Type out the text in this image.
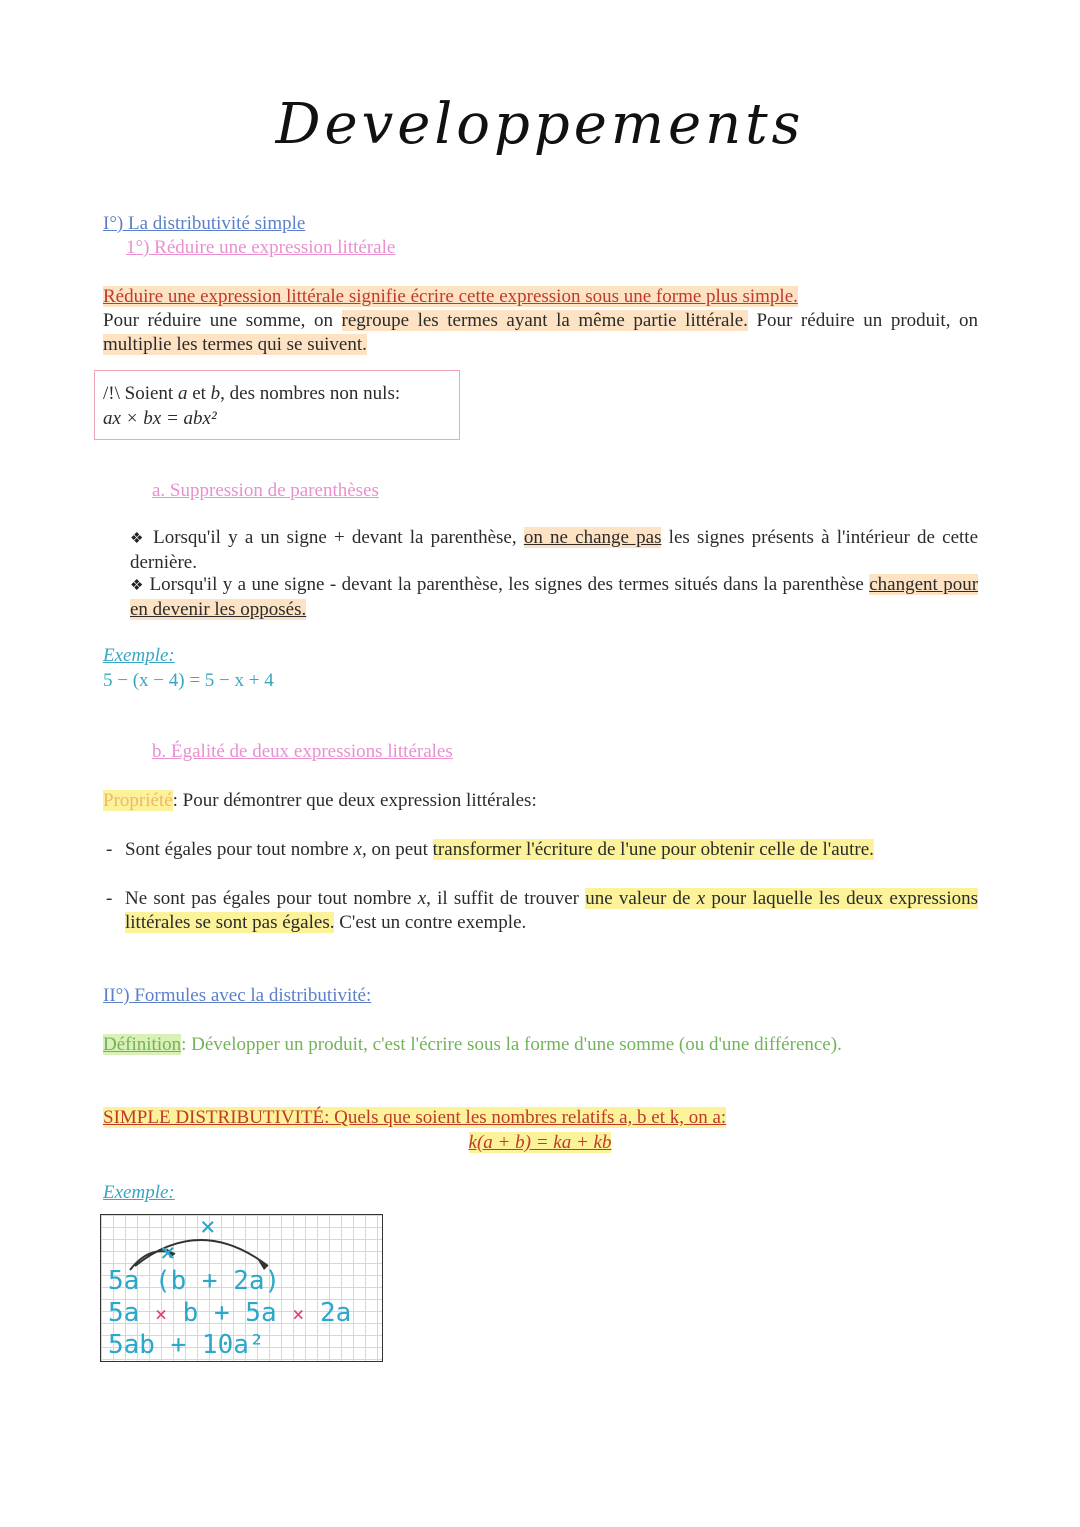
Developpements
I°) La distributivité simple
1°) Réduire une expression littérale
Réduire une expression littérale signifie écrire cette expression sous une forme plus simple.
Pour réduire une somme, on regroupe les termes ayant la même partie littérale. Pour réduire un produit, on multiplie les termes qui se suivent.
/!\ Soient a et b, des nombres non nuls:
ax × bx = abx²
a. Suppression de parenthèses
❖ Lorsqu'il y a un signe + devant la parenthèse, on ne change pas les signes présents à l'intérieur de cette dernière.
❖ Lorsqu'il y a une signe - devant la parenthèse, les signes des termes situés dans la parenthèse changent pour en devenir les opposés.
Exemple:
5 − (x − 4) = 5 − x + 4
b. Égalité de deux expressions littérales
Propriété: Pour démontrer que deux expression littérales:
- Sont égales pour tout nombre x, on peut transformer l'écriture de l'une pour obtenir celle de l'autre.
- Ne sont pas égales pour tout nombre x, il suffit de trouver une valeur de x pour laquelle les deux expressions littérales se sont pas égales. C'est un contre exemple.
II°) Formules avec la distributivité:
Définition: Développer un produit, c'est l'écrire sous la forme d'une somme (ou d'une différence).
SIMPLE DISTRIBUTIVITÉ: Quels que soient les nombres relatifs a, b et k, on a:
k(a + b) = ka + kb
Exemple:
×
×
5a (b + 2a)
5a × b + 5a × 2a
5ab + 10a²
